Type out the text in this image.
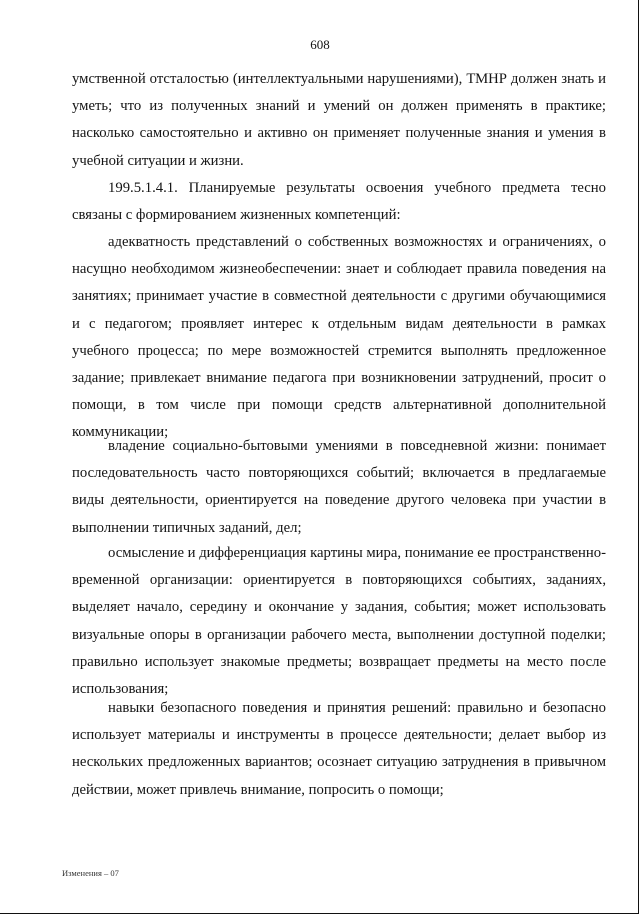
608

умственной отсталостью (интеллектуальными нарушениями), ТМНР должен знать и уметь; что из полученных знаний и умений он должен применять в практике; насколько самостоятельно и активно он применяет полученные знания и умения в учебной ситуации и жизни.

199.5.1.4.1. Планируемые результаты освоения учебного предмета тесно связаны с формированием жизненных компетенций:

адекватность представлений о собственных возможностях и ограничениях, о насущно необходимом жизнеобеспечении: знает и соблюдает правила поведения на занятиях; принимает участие в совместной деятельности с другими обучающимися и с педагогом; проявляет интерес к отдельным видам деятельности в рамках учебного процесса; по мере возможностей стремится выполнять предложенное задание; привлекает внимание педагога при возникновении затруднений, просит о помощи, в том числе при помощи средств альтернативной дополнительной коммуникации;

владение социально-бытовыми умениями в повседневной жизни: понимает последовательность часто повторяющихся событий; включается в предлагаемые виды деятельности, ориентируется на поведение другого человека при участии в выполнении типичных заданий, дел;

осмысление и дифференциация картины мира, понимание ее пространственно-временной организации: ориентируется в повторяющихся событиях, заданиях, выделяет начало, середину и окончание у задания, события; может использовать визуальные опоры в организации рабочего места, выполнении доступной поделки; правильно использует знакомые предметы; возвращает предметы на место после использования;

навыки безопасного поведения и принятия решений: правильно и безопасно использует материалы и инструменты в процессе деятельности; делает выбор из нескольких предложенных вариантов; осознает ситуацию затруднения в привычном действии, может привлечь внимание, попросить о помощи;

Изменения – 07
